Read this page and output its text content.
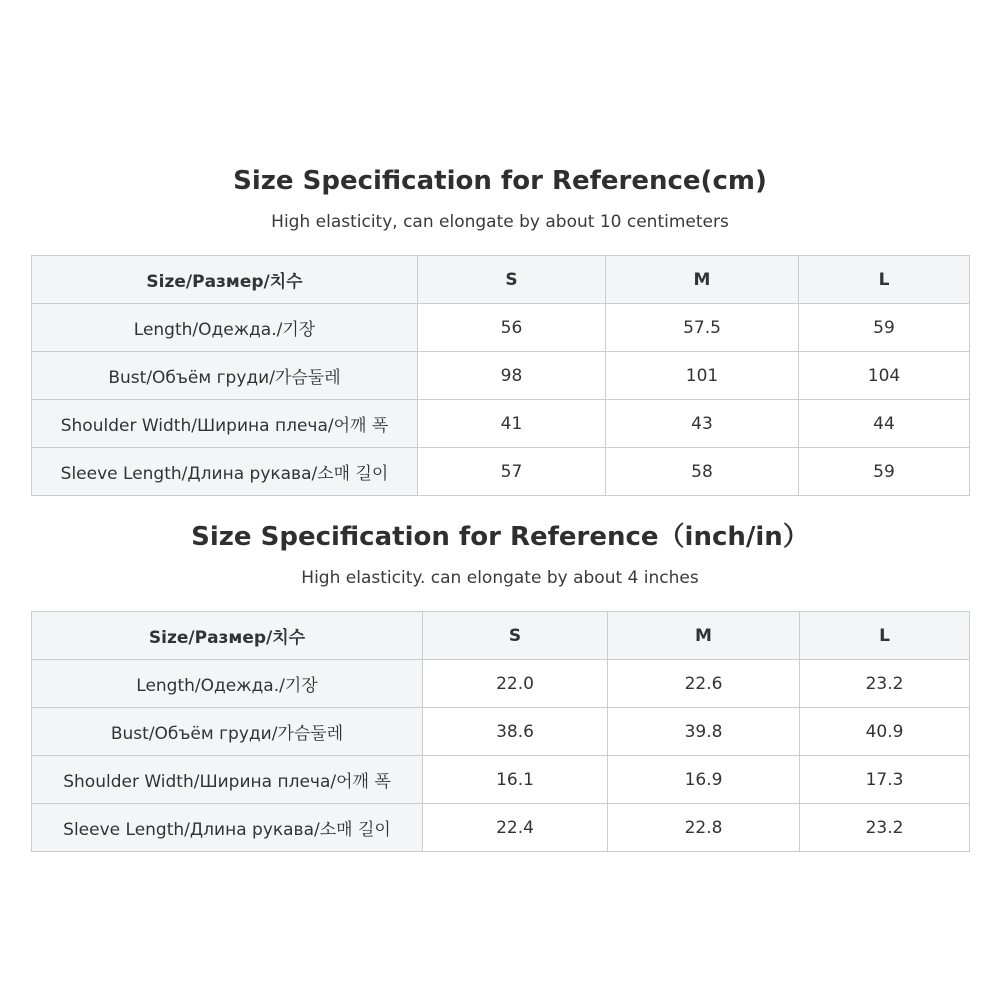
Size Specification for Reference(cm)
High elasticity, can elongate by about 10 centimeters
Size/Размер/치수	S	M	L
Length/Одежда./기장	56	57.5	59
Bust/Объём груди/가슴둘레	98	101	104
Shoulder Width/Ширина плеча/어깨 폭	41	43	44
Sleeve Length/Длина рукава/소매 길이	57	58	59
Size Specification for Reference（inch/in）
High elasticity. can elongate by about 4 inches
Size/Размер/치수	S	M	L
Length/Одежда./기장	22.0	22.6	23.2
Bust/Объём груди/가슴둘레	38.6	39.8	40.9
Shoulder Width/Ширина плеча/어깨 폭	16.1	16.9	17.3
Sleeve Length/Длина рукава/소매 길이	22.4	22.8	23.2
